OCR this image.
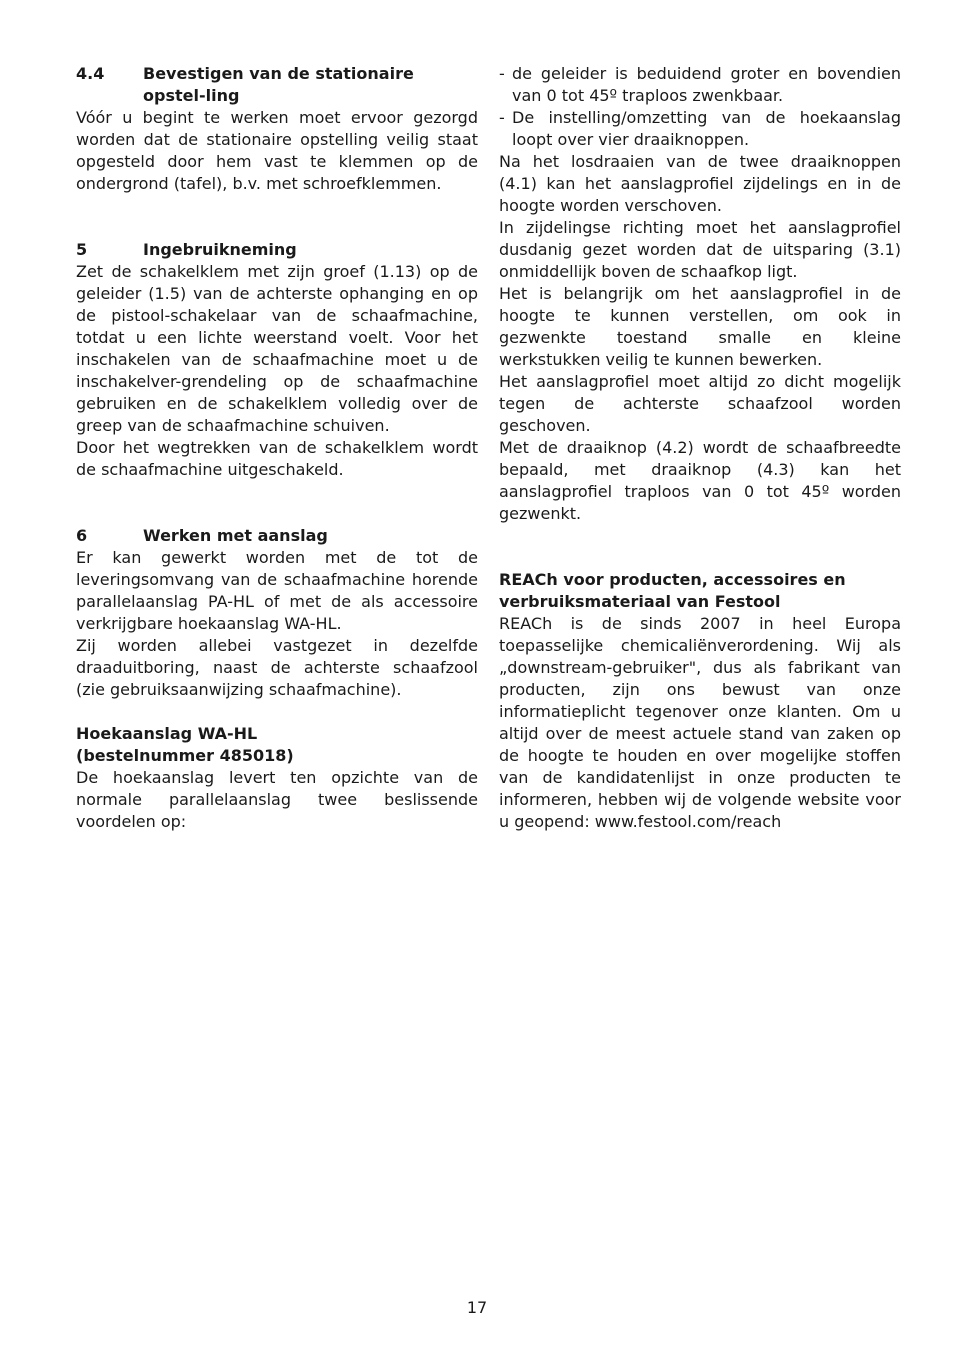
4.4	Bevestigen van de stationaire opstel-ling

Vóór u begint te werken moet ervoor gezorgd worden dat de stationaire opstelling veilig staat opgesteld door hem vast te klemmen op de ondergrond (tafel), b.v. met schroefklemmen.

5	Ingebruikneming

Zet de schakelklem met zijn groef (1.13) op de geleider (1.5) van de achterste ophanging en op de pistool-schakelaar van de schaafmachine, totdat u een lichte weerstand voelt. Voor het inschakelen van de schaafmachine moet u de inschakelver-grendeling op de schaafmachine gebruiken en de schakelklem volledig over de greep van de schaafmachine schuiven.

Door het wegtrekken van de schakelklem wordt de schaafmachine uitgeschakeld.

6	Werken met aanslag

Er kan gewerkt worden met de tot de leveringsomvang van de schaafmachine horende parallelaanslag PA-HL of met de als accessoire verkrijgbare hoekaanslag WA-HL.

Zij worden allebei vastgezet in dezelfde draaduitboring, naast de achterste schaafzool (zie gebruiksaanwijzing schaafmachine).

Hoekaanslag WA-HL
(bestelnummer 485018)

De hoekaanslag levert ten opzichte van de normale parallelaanslag twee beslissende voordelen op:

- de geleider is beduidend groter en bovendien van 0 tot 45º traploos zwenkbaar.
- De instelling/omzetting van de hoekaanslag loopt over vier draaiknoppen.

Na het losdraaien van de twee draaiknoppen (4.1) kan het aanslagprofiel zijdelings en in de hoogte worden verschoven.

In zijdelingse richting moet het aanslagprofiel dusdanig gezet worden dat de uitsparing (3.1) onmiddellijk boven de schaafkop ligt.

Het is belangrijk om het aanslagprofiel in de hoogte te kunnen verstellen, om ook in gezwenkte toestand smalle en kleine werkstukken veilig te kunnen bewerken.

Het aanslagprofiel moet altijd zo dicht mogelijk tegen de achterste schaafzool worden geschoven.

Met de draaiknop (4.2) wordt de schaafbreedte bepaald, met draaiknop (4.3) kan het aanslagprofiel traploos van 0 tot 45º worden gezwenkt.

REACh voor producten, accessoires en verbruiksmateriaal van Festool

REACh is de sinds 2007 in heel Europa toepasselijke chemicaliënverordening. Wij als „downstream-gebruiker", dus als fabrikant van producten, zijn ons bewust van onze informatieplicht tegenover onze klanten. Om u altijd over de meest actuele stand van zaken op de hoogte te houden en over mogelijke stoffen van de kandidatenlijst in onze producten te informeren, hebben wij de volgende website voor u geopend: www.festool.com/reach

17
